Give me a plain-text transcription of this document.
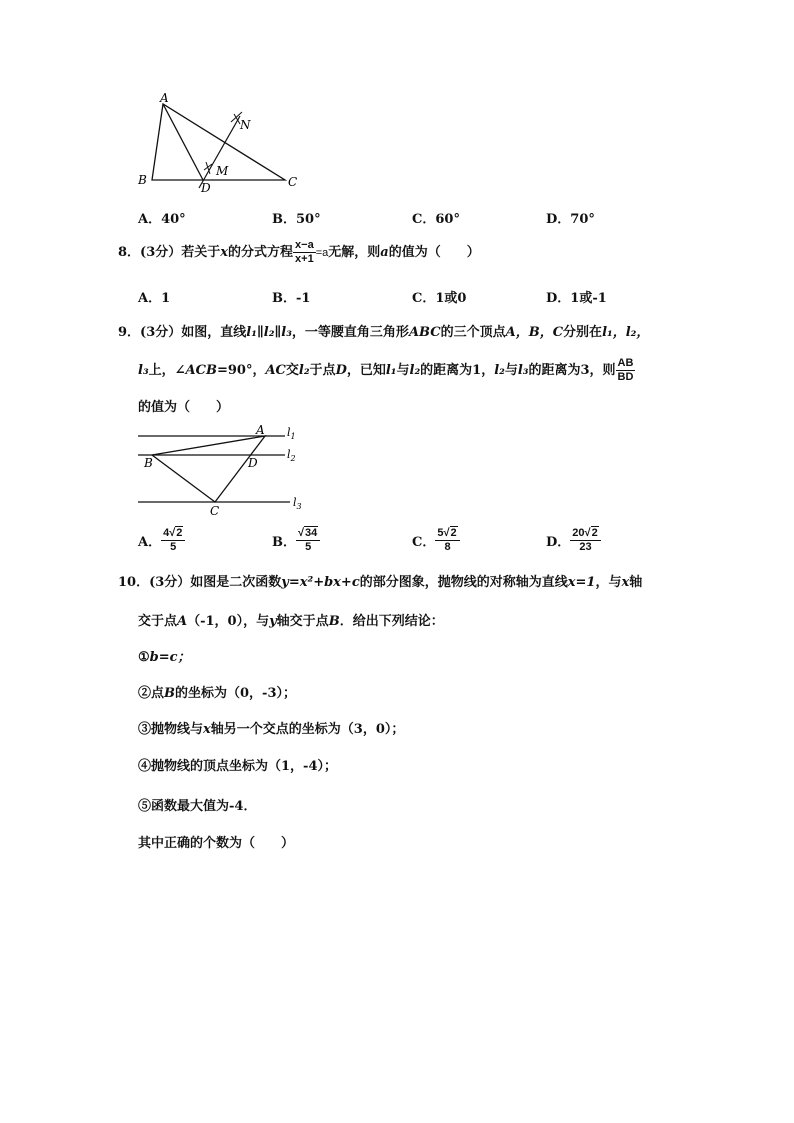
A
B	C
D
M
N
A．40°	B．50°	C．60°	D．70°
8．(3分）若关于x的分式方程 $\frac{x-a}{x+1} =a$无解，则a的值为（　　）
A．1	B．-1	C．1或0	D．1或-1
9．(3分）如图，直线l₁∥l₂∥l₃，一等腰直角三角形ABC的三个顶点A，B，C分别在l₁，l₂，
l₃上，∠ACB=90°，AC交l₂于点D，已知l₁与l₂的距离为1，l₂与l₃的距离为3，则 $\frac{AB}{BD}$
的值为（　　）
A
B
C
D
$l_1$
$l_2$
$l_3$
A． $\frac{4√2}{5}$	B． $\frac{√34}{5}$	C． $\frac{5√2}{8}$	D． $\frac{20√2}{23}$
10．(3分）如图是二次函数y=x²+bx+c的部分图象，抛物线的对称轴为直线x=1，与x轴
交于点A（-1，0），与y轴交于点B．给出下列结论：
①b=c；
②点B的坐标为（0，-3）；
③抛物线与x轴另一个交点的坐标为（3，0）；
④抛物线的顶点坐标为（1，-4）；
⑤函数最大值为-4．
其中正确的个数为（　　）
